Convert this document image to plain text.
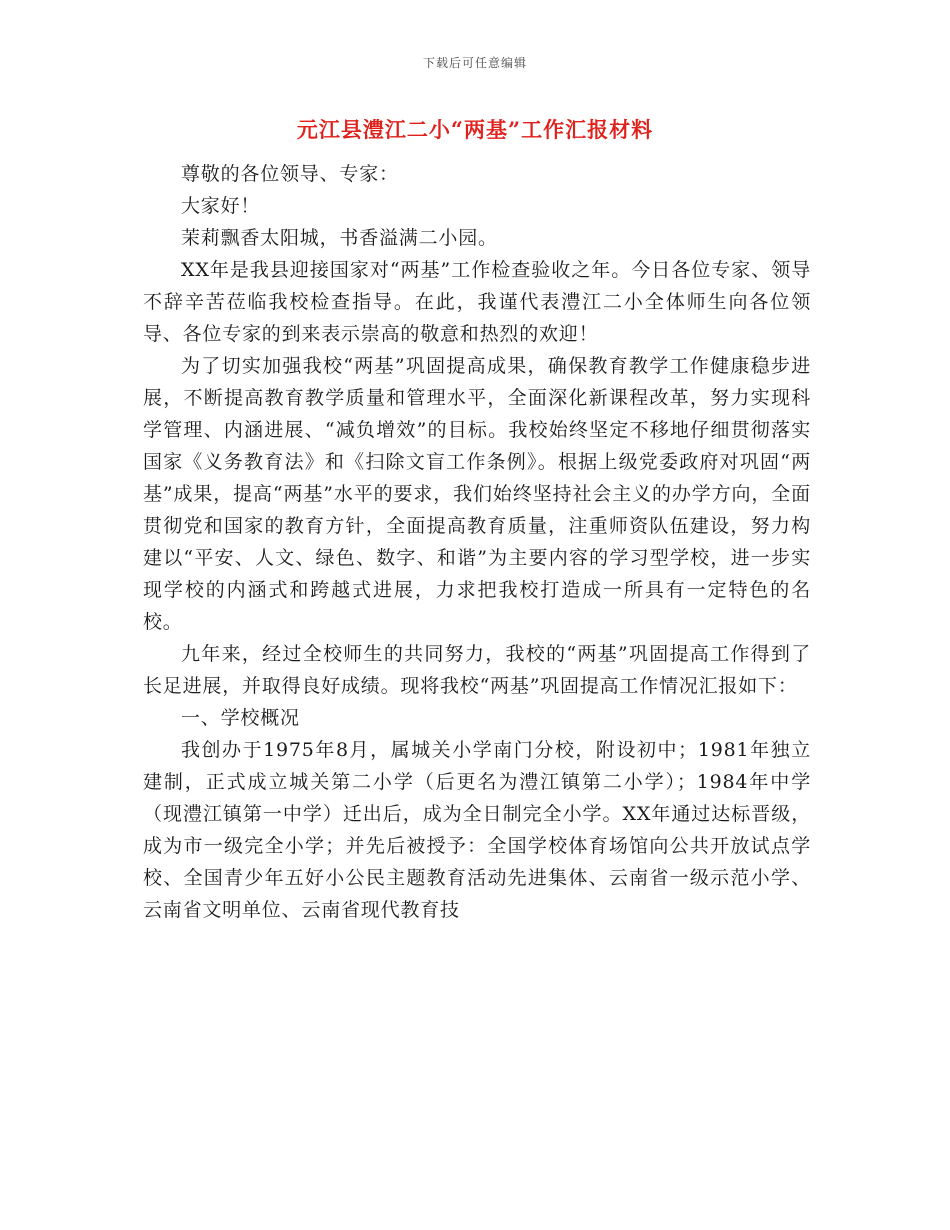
下载后可任意编辑
元江县澧江二小“两基”工作汇报材料

尊敬的各位领导、专家：

大家好！

茉莉飘香太阳城，书香溢满二小园。

XX年是我县迎接国家对“两基”工作检查验收之年。今日各位专家、领导不辞辛苦莅临我校检查指导。在此，我谨代表澧江二小全体师生向各位领导、各位专家的到来表示崇高的敬意和热烈的欢迎！

为了切实加强我校“两基”巩固提高成果，确保教育教学工作健康稳步进展，不断提高教育教学质量和管理水平，全面深化新课程改革，努力实现科学管理、内涵进展、“减负增效”的目标。我校始终坚定不移地仔细贯彻落实国家《义务教育法》和《扫除文盲工作条例》。根据上级党委政府对巩固“两基”成果，提高“两基”水平的要求，我们始终坚持社会主义的办学方向，全面贯彻党和国家的教育方针，全面提高教育质量，注重师资队伍建设，努力构建以“平安、人文、绿色、数字、和谐”为主要内容的学习型学校，进一步实现学校的内涵式和跨越式进展，力求把我校打造成一所具有一定特色的名校。

九年来，经过全校师生的共同努力，我校的“两基”巩固提高工作得到了长足进展，并取得良好成绩。现将我校“两基”巩固提高工作情况汇报如下：

一、学校概况

我创办于1975年8月，属城关小学南门分校，附设初中；1981年独立建制，正式成立城关第二小学（后更名为澧江镇第二小学）；1984年中学（现澧江镇第一中学）迁出后，成为全日制完全小学。XX年通过达标晋级，成为市一级完全小学；并先后被授予：全国学校体育场馆向公共开放试点学校、全国青少年五好小公民主题教育活动先进集体、云南省一级示范小学、云南省文明单位、云南省现代教育技
